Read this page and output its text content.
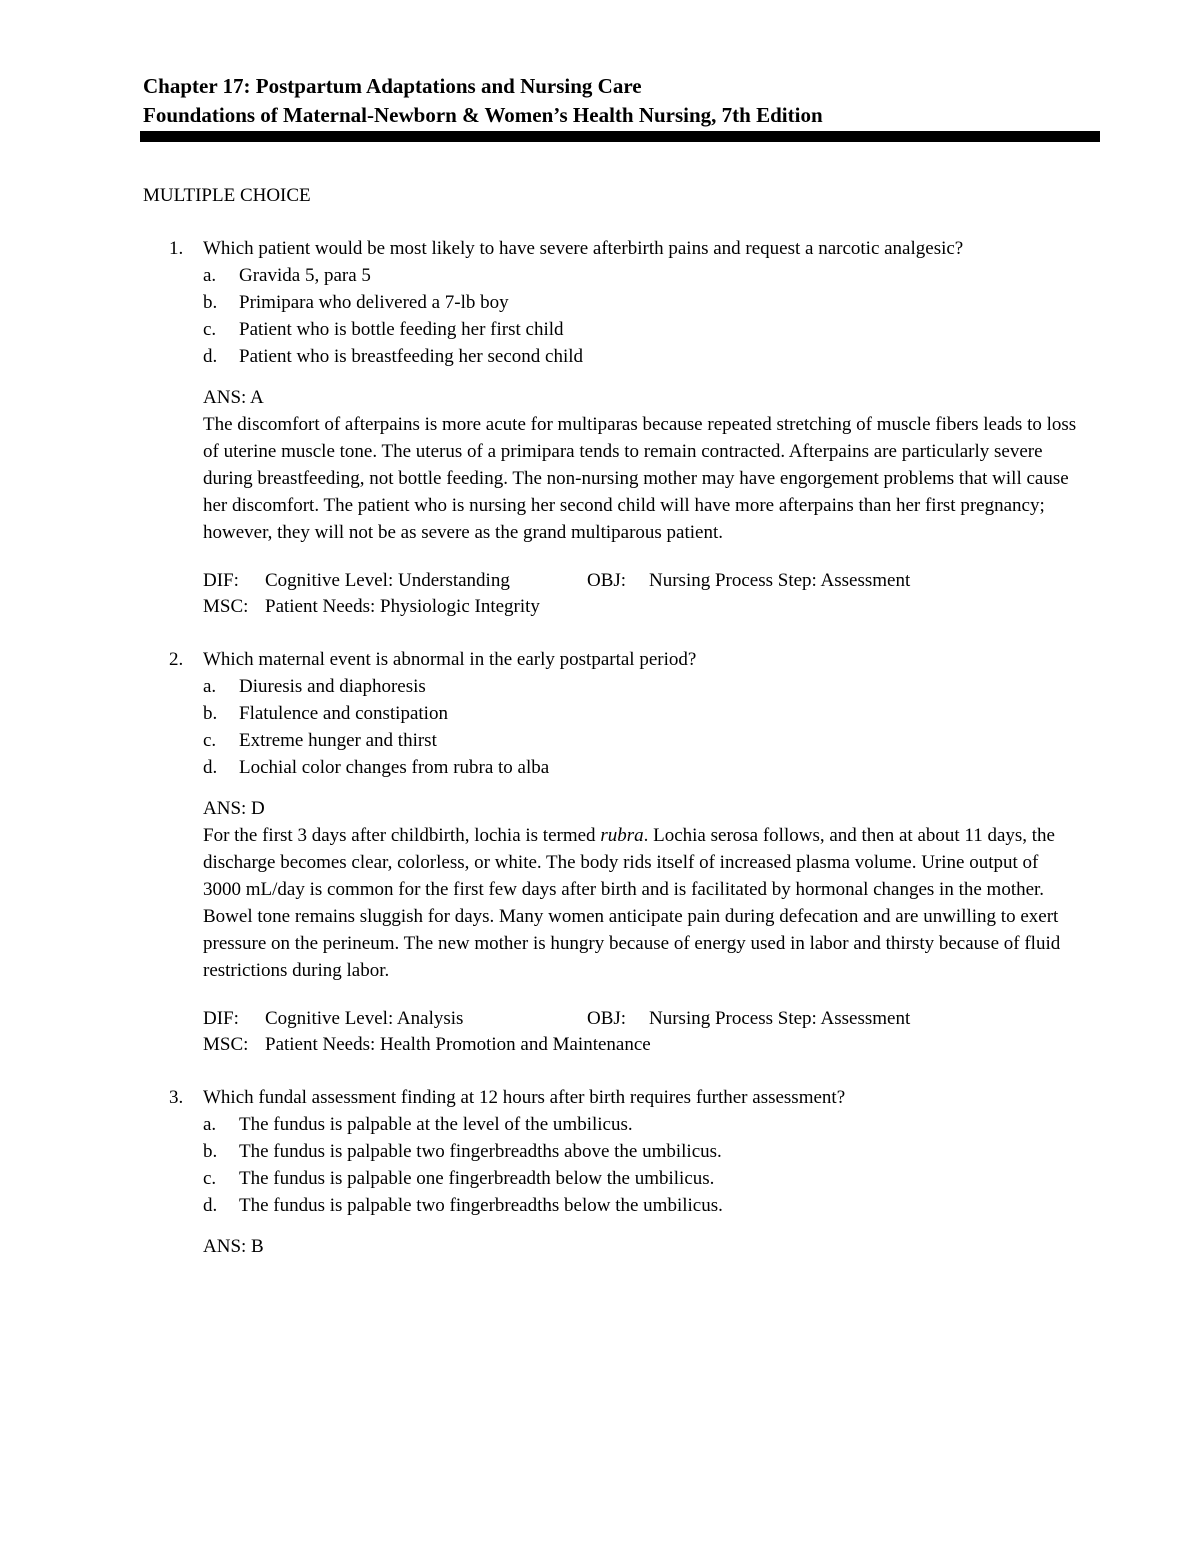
Chapter 17: Postpartum Adaptations and Nursing Care
Foundations of Maternal-Newborn & Women’s Health Nursing, 7th Edition
MULTIPLE CHOICE
1.	Which patient would be most likely to have severe afterbirth pains and request a narcotic analgesic?
a.	Gravida 5, para 5
b.	Primipara who delivered a 7-lb boy
c.	Patient who is bottle feeding her first child
d.	Patient who is breastfeeding her second child
ANS: A
The discomfort of afterpains is more acute for multiparas because repeated stretching of muscle fibers leads to loss of uterine muscle tone. The uterus of a primipara tends to remain contracted. Afterpains are particularly severe during breastfeeding, not bottle feeding. The non-nursing mother may have engorgement problems that will cause her discomfort. The patient who is nursing her second child will have more afterpains than her first pregnancy; however, they will not be as severe as the grand multiparous patient.
DIF:	Cognitive Level: Understanding	OBJ:	Nursing Process Step: Assessment
MSC: Patient Needs: Physiologic Integrity
2.	Which maternal event is abnormal in the early postpartal period?
a.	Diuresis and diaphoresis
b.	Flatulence and constipation
c.	Extreme hunger and thirst
d.	Lochial color changes from rubra to alba
ANS: D
For the first 3 days after childbirth, lochia is termed rubra. Lochia serosa follows, and then at about 11 days, the discharge becomes clear, colorless, or white. The body rids itself of increased plasma volume. Urine output of 3000 mL/day is common for the first few days after birth and is facilitated by hormonal changes in the mother. Bowel tone remains sluggish for days. Many women anticipate pain during defecation and are unwilling to exert pressure on the perineum. The new mother is hungry because of energy used in labor and thirsty because of fluid restrictions during labor.
DIF:	Cognitive Level: Analysis	OBJ:	Nursing Process Step: Assessment
MSC: Patient Needs: Health Promotion and Maintenance
3.	Which fundal assessment finding at 12 hours after birth requires further assessment?
a.	The fundus is palpable at the level of the umbilicus.
b.	The fundus is palpable two fingerbreadths above the umbilicus.
c.	The fundus is palpable one fingerbreadth below the umbilicus.
d.	The fundus is palpable two fingerbreadths below the umbilicus.
ANS: B
